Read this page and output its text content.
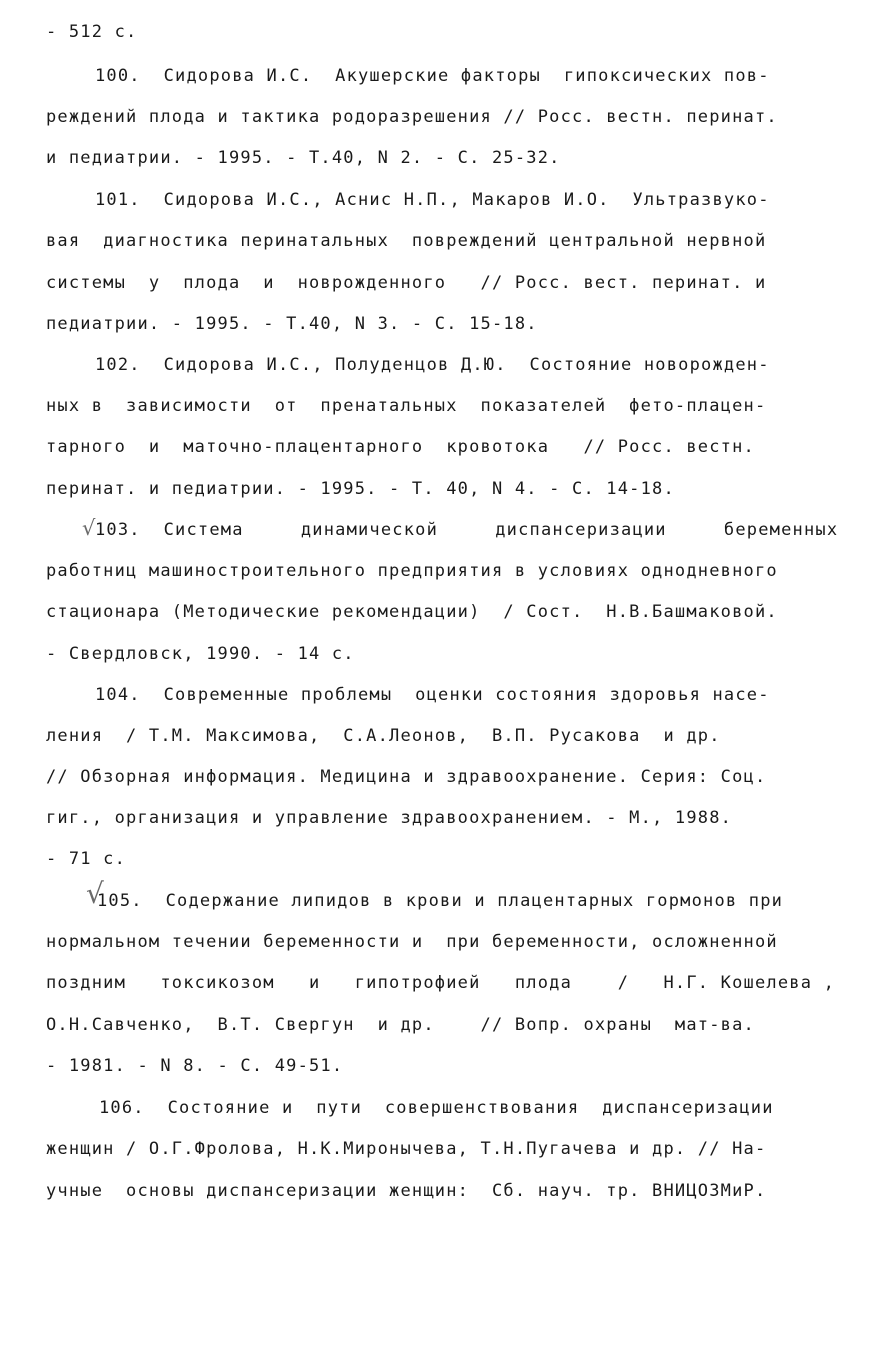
- 512 с.
100.  Сидорова И.С.  Акушерские факторы  гипоксических пов-
реждений плода и тактика родоразрешения // Росс. вестн. перинат.
и педиатрии. - 1995. - Т.40, N 2. - С. 25-32.
101.  Сидорова И.С., Аснис Н.П., Макаров И.О.  Ультразвуко-
вая  диагностика перинатальных  повреждений центральной нервной
системы  у  плода  и  новрожденного   // Росс. вест. перинат. и
педиатрии. - 1995. - Т.40, N 3. - С. 15-18.
102.  Сидорова И.С., Полуденцов Д.Ю.  Состояние новорожден-
ных в  зависимости  от  пренатальных  показателей  фето-плацен-
тарного  и  маточно-плацентарного  кровотока   // Росс. вестн.
перинат. и педиатрии. - 1995. - Т. 40, N 4. - С. 14-18.
√
103.  Система     динамической     диспансеризации     беременных
работниц машиностроительного предприятия в условиях однодневного
стационара (Методические рекомендации)  / Сост.  Н.В.Башмаковой.
- Свердловск, 1990. - 14 с.
104.  Современные проблемы  оценки состояния здоровья насе-
ления  / Т.М. Максимова,  С.А.Леонов,  В.П. Русакова  и др.
// Обзорная информация. Медицина и здравоохранение. Серия: Соц.
гиг., организация и управление здравоохранением. - М., 1988.
- 71 с.
√
105.  Содержание липидов в крови и плацентарных гормонов при
нормальном течении беременности и  при беременности, осложненной
поздним   токсикозом   и   гипотрофией   плода    /   Н.Г. Кошелева ,
О.Н.Савченко,  В.Т. Свергун  и др.    // Вопр. охраны  мат-ва.
- 1981. - N 8. - С. 49-51.
106.  Состояние и  пути  совершенствования  диспансеризации
женщин / О.Г.Фролова, Н.К.Миронычева, Т.Н.Пугачева и др. // На-
учные  основы диспансеризации женщин:  Сб. науч. тр. ВНИЦОЗМиР.
